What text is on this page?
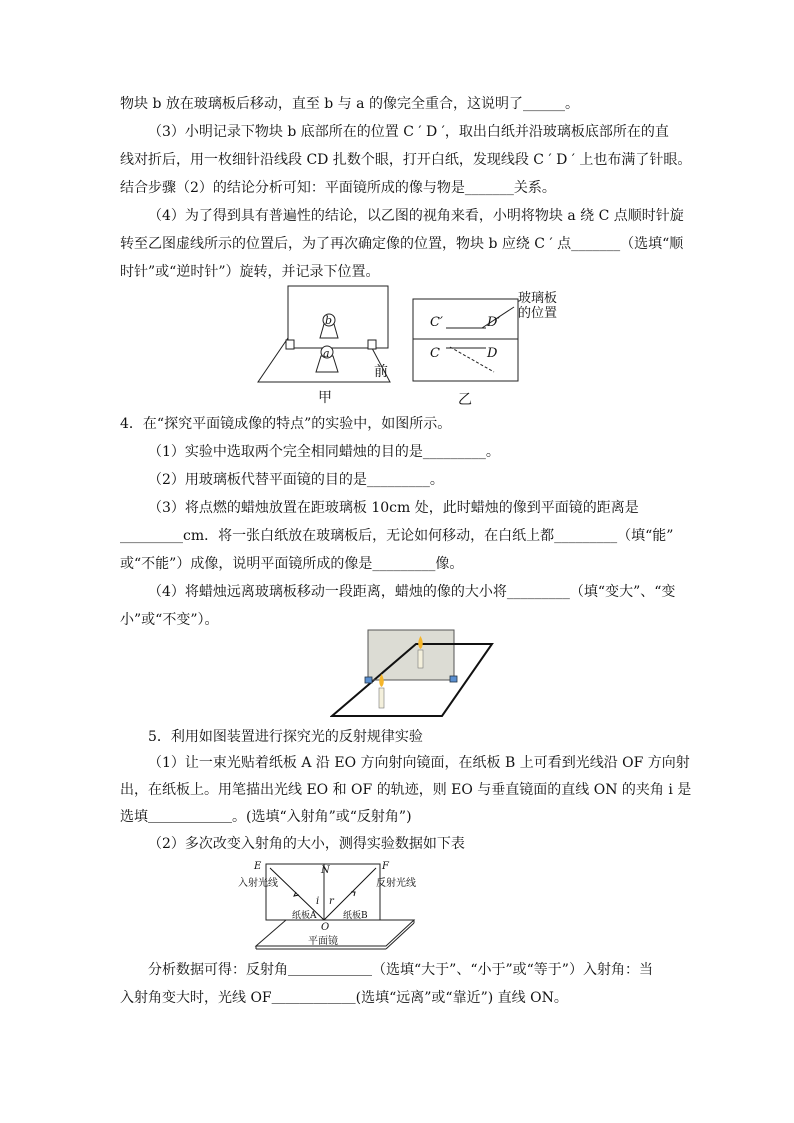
物块 b 放在玻璃板后移动，直至 b 与 a 的像完全重合，这说明了______。
（3）小明记录下物块 b 底部所在的位置 C ′ D ′，取出白纸并沿玻璃板底部所在的直
线对折后，用一枚细针沿线段 CD 扎数个眼，打开白纸，发现线段 C ′ D ′ 上也布满了针眼。
结合步骤（2）的结论分析可知：平面镜所成的像与物是_______关系。
（4）为了得到具有普遍性的结论，以乙图的视角来看，小明将物块 a 绕 C 点顺时针旋
转至乙图虚线所示的位置后，为了再次确定像的位置，物块 b 应绕 C ′ 点_______（选填“顺
时针”或“逆时针”）旋转，并记录下位置。
b
a
前
甲
C′	D′
C	D
玻璃板
的位置
乙
4．在“探究平面镜成像的特点”的实验中，如图所示。
（1）实验中选取两个完全相同蜡烛的目的是_________。
（2）用玻璃板代替平面镜的目的是_________。
（3）将点燃的蜡烛放置在距玻璃板 10cm 处，此时蜡烛的像到平面镜的距离是
_________cm．将一张白纸放在玻璃板后，无论如何移动，在白纸上都_________（填“能”
或“不能”）成像，说明平面镜所成的像是_________像。
（4）将蜡烛远离玻璃板移动一段距离，蜡烛的像的大小将_________（填“变大”、“变
小”或“不变”）。
5．利用如图装置进行探究光的反射规律实验
（1）让一束光贴着纸板 A 沿 EO 方向射向镜面，在纸板 B 上可看到光线沿 OF 方向射
出，在纸板上。用笔描出光线 EO 和 OF 的轨迹，则 EO 与垂直镜面的直线 ON 的夹角 i 是
选填＿＿＿＿＿＿。(选填“入射角”或“反射角”)
（2）多次改变入射角的大小，测得实验数据如下表
E	F
N
O
i r
入射光线	反射光线
纸板A	纸板B
平面镜
分析数据可得：反射角＿＿＿＿＿＿（选填“大于”、“小于”或“等于”）入射角：当
入射角变大时，光线 OF＿＿＿＿＿＿(选填“远离”或“靠近”) 直线 ON。
